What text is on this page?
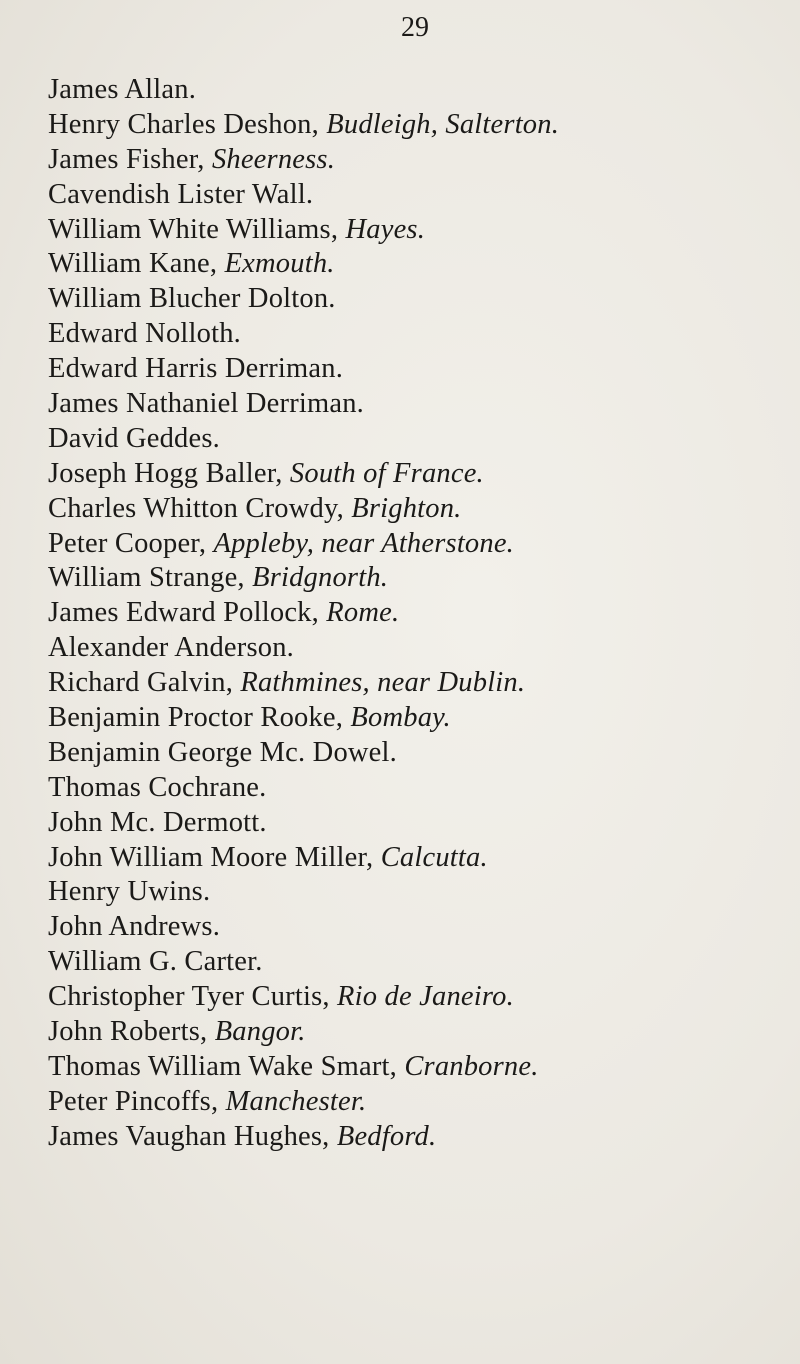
29
James Allan.
Henry Charles Deshon, Budleigh, Salterton.
James Fisher, Sheerness.
Cavendish Lister Wall.
William White Williams, Hayes.
William Kane, Exmouth.
William Blucher Dolton.
Edward Nolloth.
Edward Harris Derriman.
James Nathaniel Derriman.
David Geddes.
Joseph Hogg Baller, South of France.
Charles Whitton Crowdy, Brighton.
Peter Cooper, Appleby, near Atherstone.
William Strange, Bridgnorth.
James Edward Pollock, Rome.
Alexander Anderson.
Richard Galvin, Rathmines, near Dublin.
Benjamin Proctor Rooke, Bombay.
Benjamin George Mc. Dowel.
Thomas Cochrane.
John Mc. Dermott.
John William Moore Miller, Calcutta.
Henry Uwins.
John Andrews.
William G. Carter.
Christopher Tyer Curtis, Rio de Janeiro.
John Roberts, Bangor.
Thomas William Wake Smart, Cranborne.
Peter Pincoffs, Manchester.
James Vaughan Hughes, Bedford.
